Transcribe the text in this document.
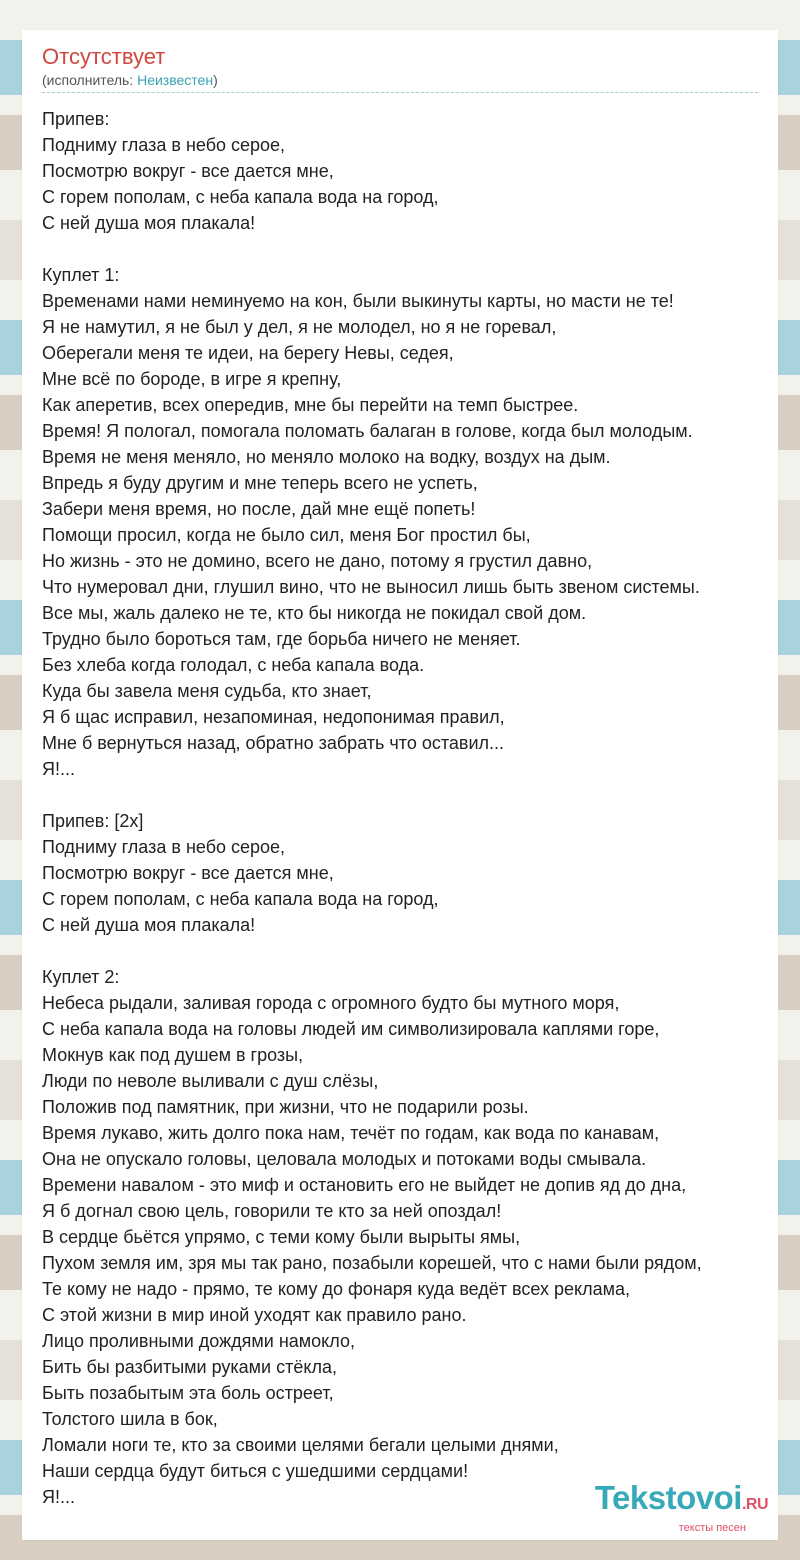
Отсутствует
(исполнитель: Неизвестен)
Припев:
Подниму глаза в небо серое,
Посмотрю вокруг - все дается мне,
С горем пополам, с неба капала вода на город,
С ней душа моя плакала!
Куплет 1:
Временами нами неминуемо на кон, были выкинуты карты, но масти не те!
Я не намутил, я не был у дел, я не молодел, но я не горевал,
Оберегали меня те идеи, на берегу Невы, седея,
Мне всё по бороде, в игре я крепну,
Как аперетив, всех опередив, мне бы перейти на темп быстрее.
Время! Я пологал, помогала поломать балаган в голове, когда был молодым.
Время не меня меняло, но меняло молоко на водку, воздух на дым.
Впредь я буду другим и мне теперь всего не успеть,
Забери меня время, но после, дай мне ещё попеть!
Помощи просил, когда не было сил, меня Бог простил бы,
Но жизнь - это не домино, всего не дано, потому я грустил давно,
Что нумеровал дни, глушил вино, что не выносил лишь быть звеном системы.
Все мы, жаль далеко не те, кто бы никогда не покидал свой дом.
Трудно было бороться там, где борьба ничего не меняет.
Без хлеба когда голодал, с неба капала вода.
Куда бы завела меня судьба, кто знает,
Я б щас исправил, незапоминая, недопонимая правил,
Мне б вернуться назад, обратно забрать что оставил...
Я!...
Припев: [2x]
Подниму глаза в небо серое,
Посмотрю вокруг - все дается мне,
С горем пополам, с неба капала вода на город,
С ней душа моя плакала!
Куплет 2:
Небеса рыдали, заливая города с огромного будто бы мутного моря,
С неба капала вода на головы людей им символизировала каплями горе,
Мокнув как под душем в грозы,
Люди по неволе выливали с душ слёзы,
Положив под памятник, при жизни, что не подарили розы.
Время лукаво, жить долго пока нам, течёт по годам, как вода по канавам,
Она не опускало головы, целовала молодых и потоками воды смывала.
Времени навалом - это миф и остановить его не выйдет не допив яд до дна,
Я б догнал свою цель, говорили те кто за ней опоздал!
В сердце бьётся упрямо, с теми кому были вырыты ямы,
Пухом земля им, зря мы так рано, позабыли корешей, что с нами были рядом,
Те кому не надо - прямо, те кому до фонаря куда ведёт всех реклама,
С этой жизни в мир иной уходят как правило рано.
Лицо проливными дождями намокло,
Бить бы разбитыми руками стёкла,
Быть позабытым эта боль остреет,
Толстого шила в бок,
Ломали ноги те, кто за своими целями бегали целыми днями,
Наши сердца будут биться с ушедшими сердцами!
Я!...	Tekstovoi.RU
тексты песен
